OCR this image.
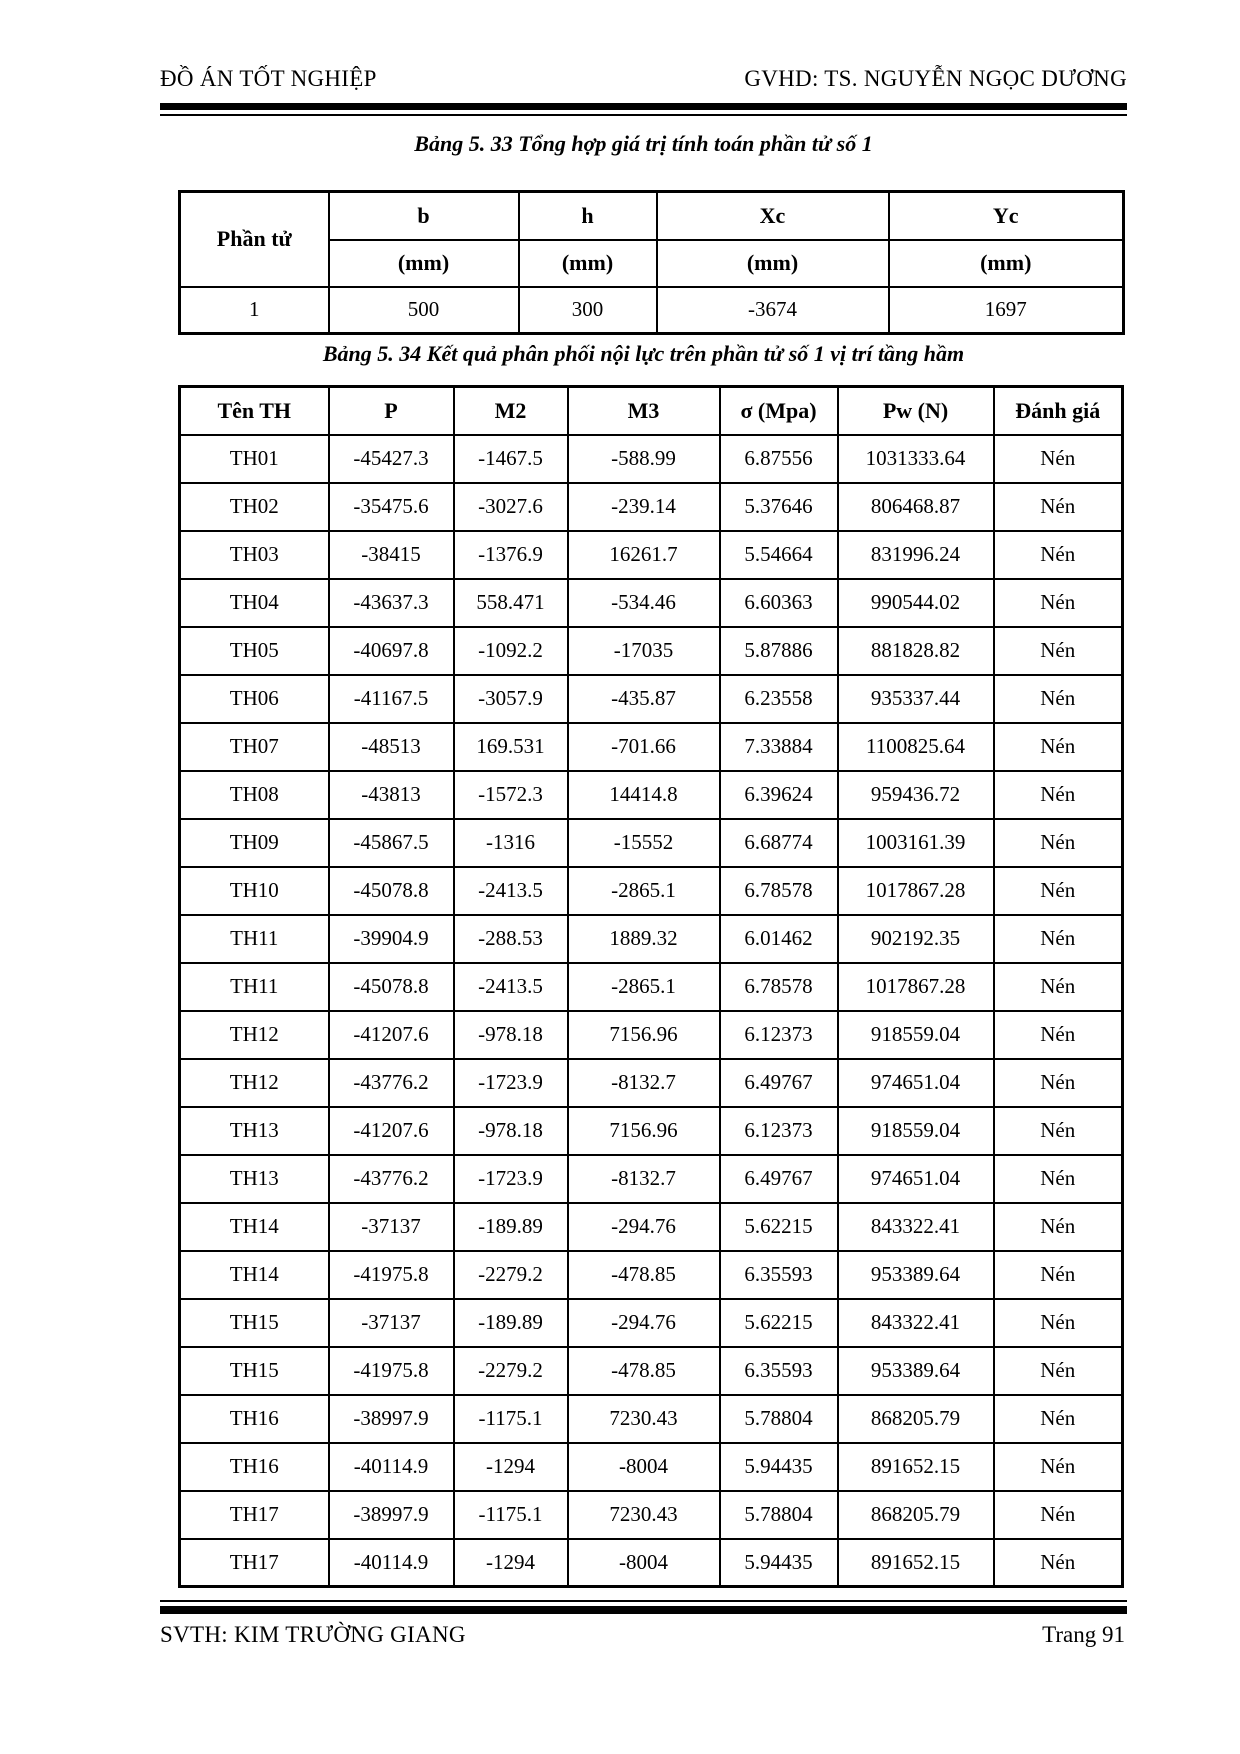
ĐỒ ÁN TỐT NGHIỆP	GVHD: TS. NGUYỄN NGỌC DƯƠNG
Bảng 5. 33 Tổng hợp giá trị tính toán phần tử số 1
Phần tử	b	h	Xc	Yc
	(mm)	(mm)	(mm)	(mm)
1	500	300	-3674	1697
Bảng 5. 34 Kết quả phân phối nội lực trên phần tử số 1 vị trí tầng hầm
Tên TH	P	M2	M3	σ (Mpa)	Pw (N)	Đánh giá
TH01	-45427.3	-1467.5	-588.99	6.87556	1031333.64	Nén
TH02	-35475.6	-3027.6	-239.14	5.37646	806468.87	Nén
TH03	-38415	-1376.9	16261.7	5.54664	831996.24	Nén
TH04	-43637.3	558.471	-534.46	6.60363	990544.02	Nén
TH05	-40697.8	-1092.2	-17035	5.87886	881828.82	Nén
TH06	-41167.5	-3057.9	-435.87	6.23558	935337.44	Nén
TH07	-48513	169.531	-701.66	7.33884	1100825.64	Nén
TH08	-43813	-1572.3	14414.8	6.39624	959436.72	Nén
TH09	-45867.5	-1316	-15552	6.68774	1003161.39	Nén
TH10	-45078.8	-2413.5	-2865.1	6.78578	1017867.28	Nén
TH11	-39904.9	-288.53	1889.32	6.01462	902192.35	Nén
TH11	-45078.8	-2413.5	-2865.1	6.78578	1017867.28	Nén
TH12	-41207.6	-978.18	7156.96	6.12373	918559.04	Nén
TH12	-43776.2	-1723.9	-8132.7	6.49767	974651.04	Nén
TH13	-41207.6	-978.18	7156.96	6.12373	918559.04	Nén
TH13	-43776.2	-1723.9	-8132.7	6.49767	974651.04	Nén
TH14	-37137	-189.89	-294.76	5.62215	843322.41	Nén
TH14	-41975.8	-2279.2	-478.85	6.35593	953389.64	Nén
TH15	-37137	-189.89	-294.76	5.62215	843322.41	Nén
TH15	-41975.8	-2279.2	-478.85	6.35593	953389.64	Nén
TH16	-38997.9	-1175.1	7230.43	5.78804	868205.79	Nén
TH16	-40114.9	-1294	-8004	5.94435	891652.15	Nén
TH17	-38997.9	-1175.1	7230.43	5.78804	868205.79	Nén
TH17	-40114.9	-1294	-8004	5.94435	891652.15	Nén
SVTH: KIM TRƯỜNG GIANG	Trang 91
